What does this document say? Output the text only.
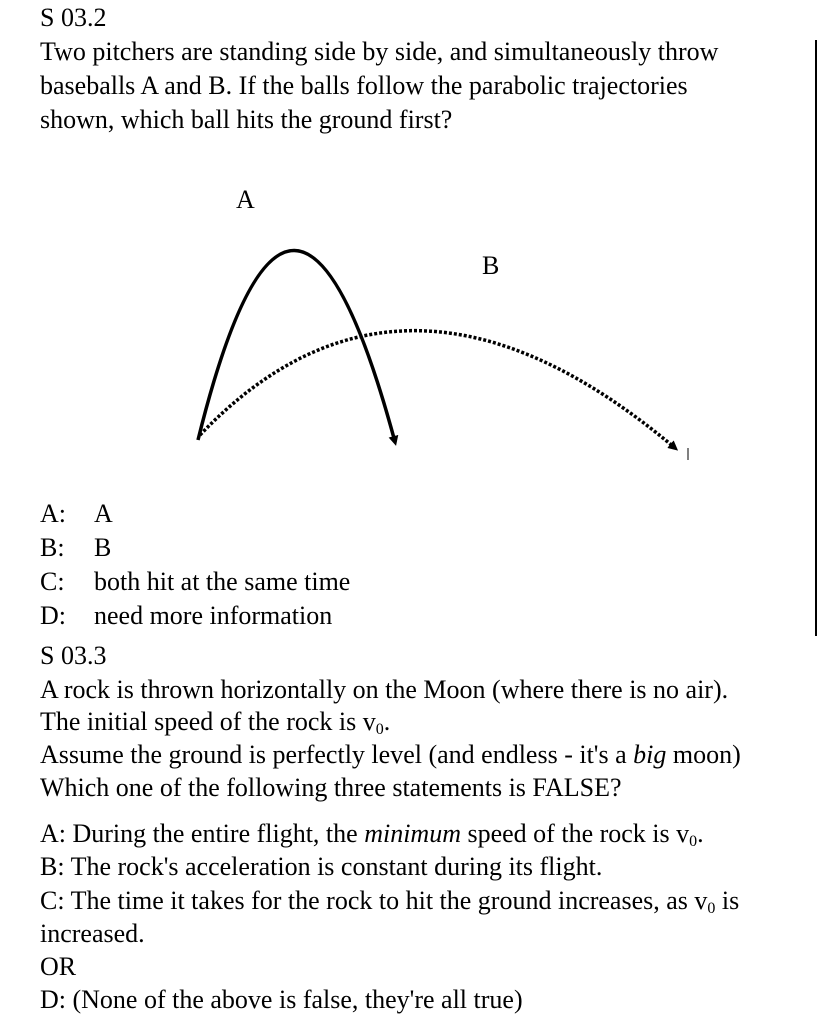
S 03.2
Two pitchers are standing side by side, and simultaneously throw
baseballs A and B. If the balls follow the parabolic trajectories
shown, which ball hits the ground first?
A
B
A: A
B: B
C: both hit at the same time
D: need more information
S 03.3
A rock is thrown horizontally on the Moon (where there is no air).
The initial speed of the rock is $v_0$.
Assume the ground is perfectly level (and endless - it's a big moon)
Which one of the following three statements is FALSE?
A: During the entire flight, the minimum speed of the rock is $v_0$.
B: The rock's acceleration is constant during its flight.
C: The time it takes for the rock to hit the ground increases, as $v_0$ is
increased.
OR
D: (None of the above is false, they're all true)
